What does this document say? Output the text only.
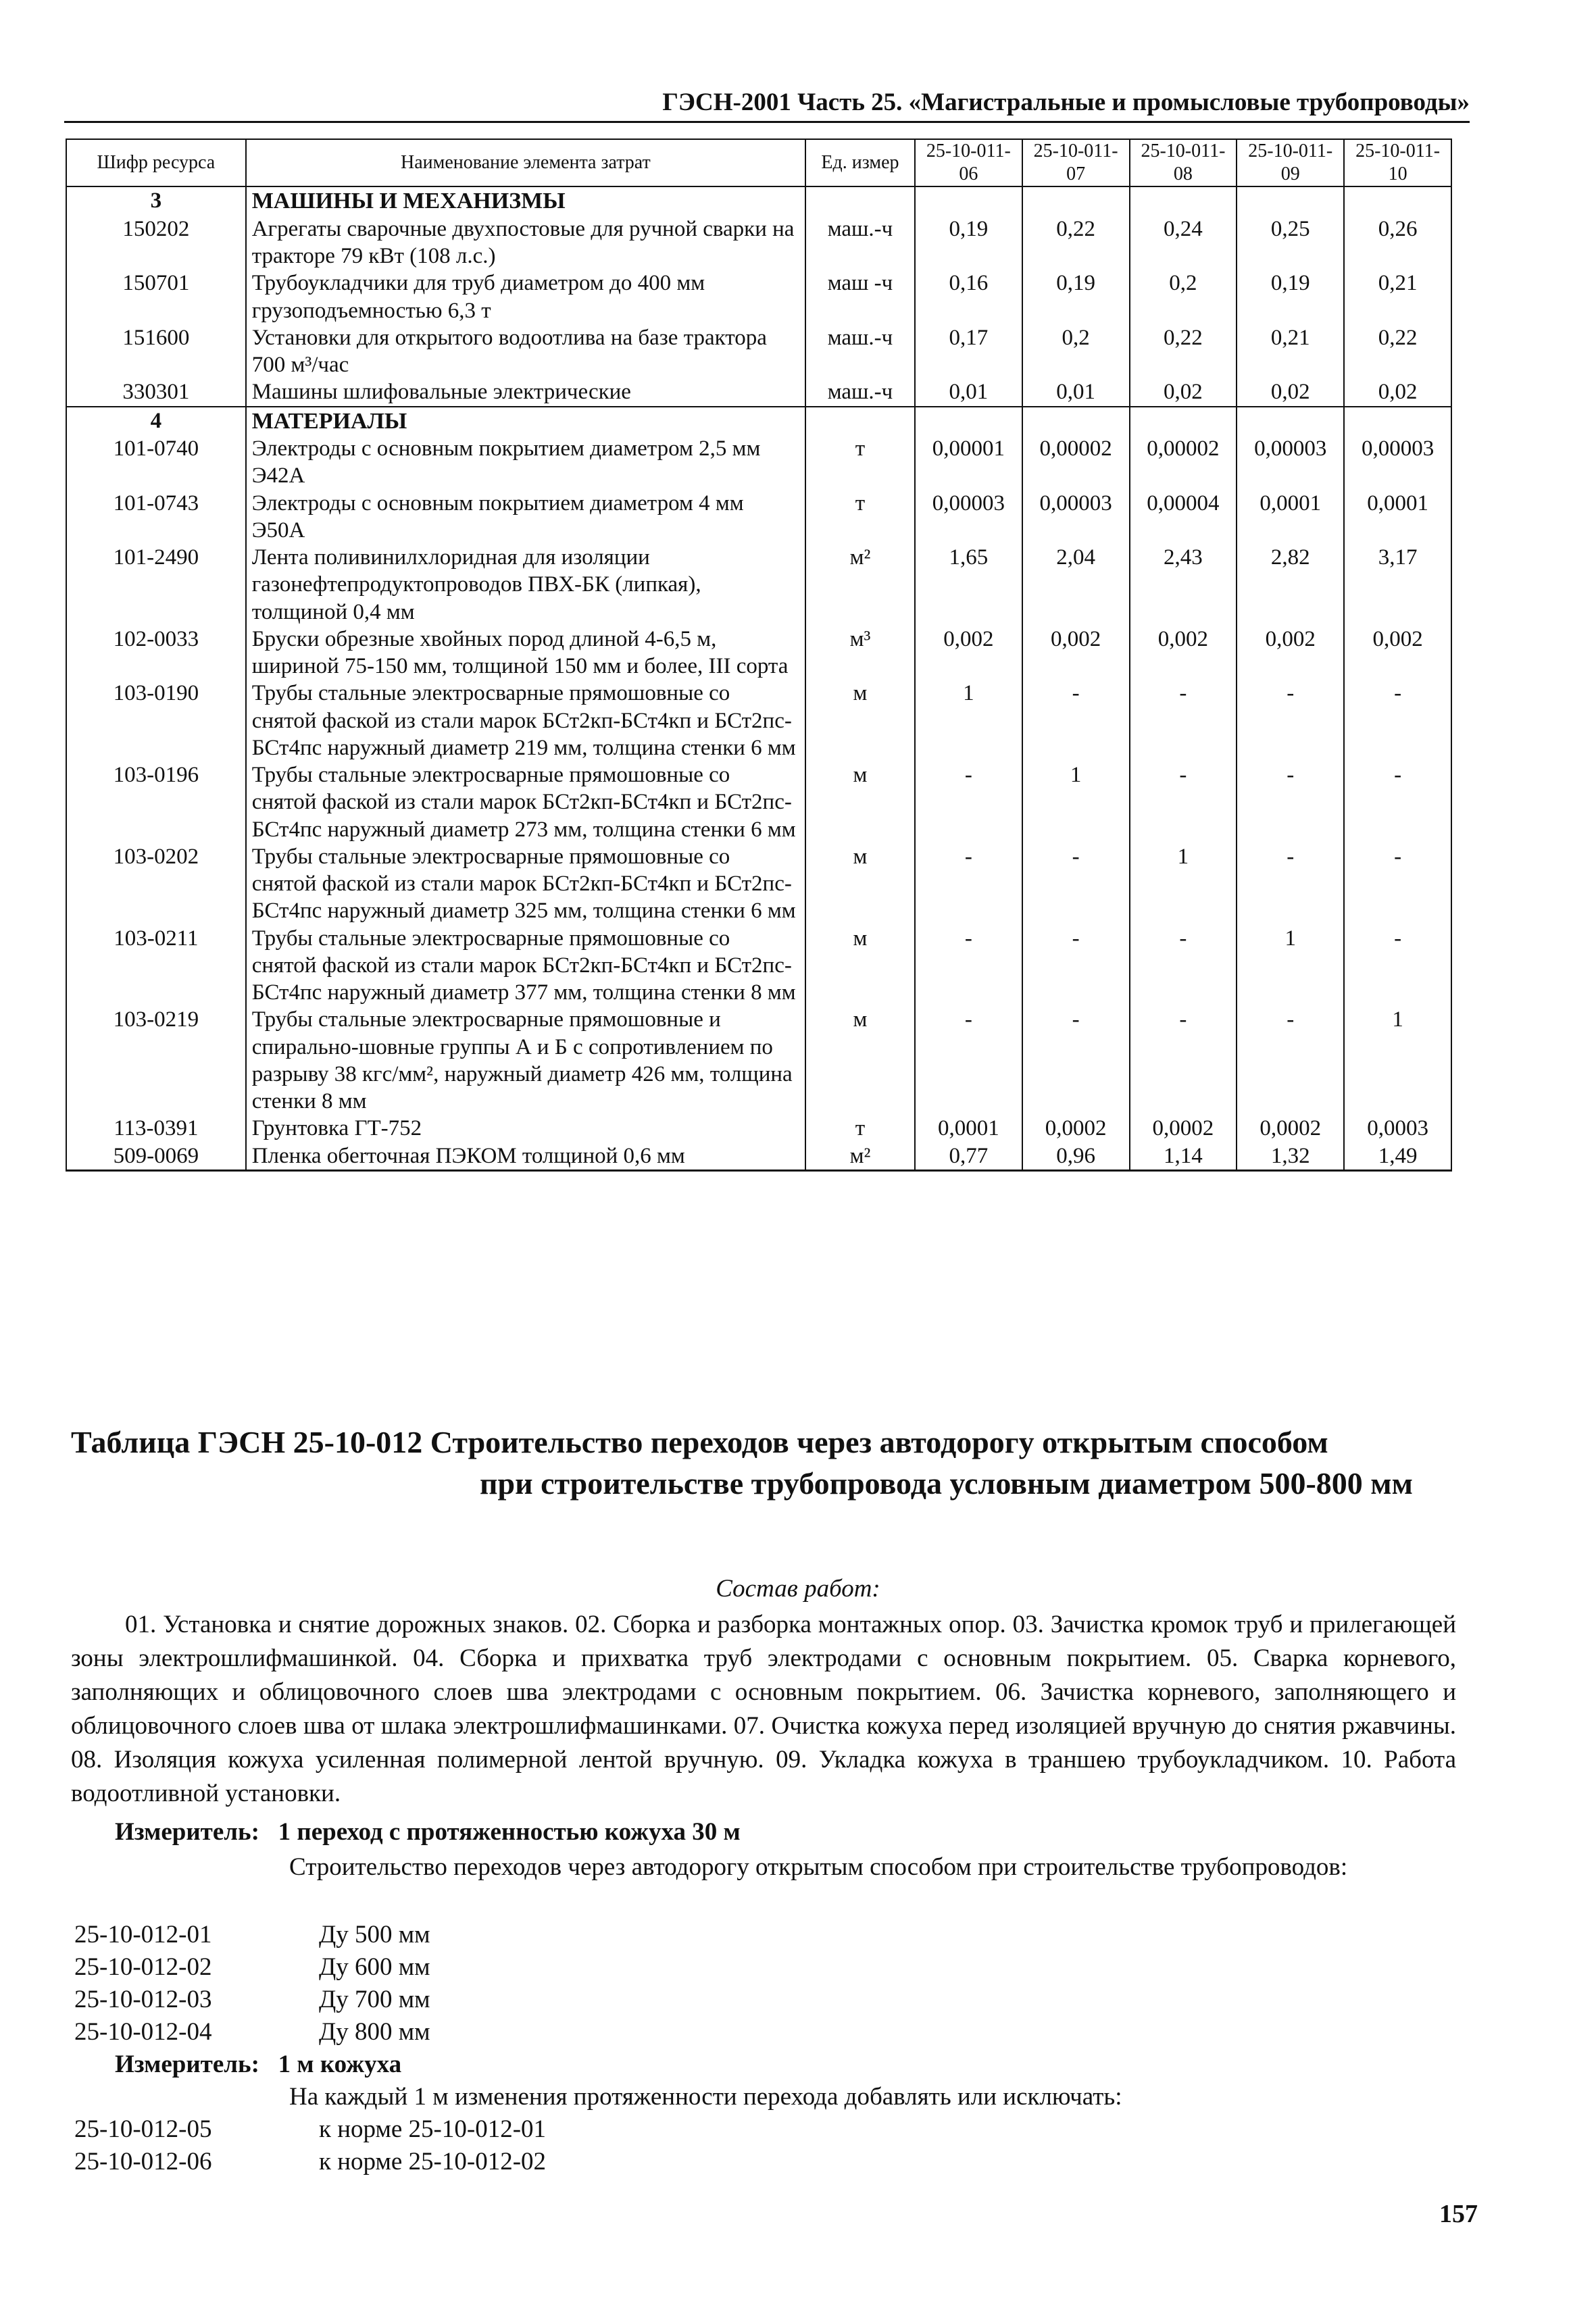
ГЭСН-2001 Часть 25. «Магистральные и промысловые трубопроводы»
Шифр ресурса	Наименование элемента затрат	Ед. измер	25-10-011-06	25-10-011-07	25-10-011-08	25-10-011-09	25-10-011-10
3	МАШИНЫ И МЕХАНИЗМЫ						
150202	Агрегаты сварочные двухпостовые для ручной сварки на тракторе 79 кВт (108 л.с.)	маш.-ч	0,19	0,22	0,24	0,25	0,26
150701	Трубоукладчики для труб диаметром до 400 мм грузоподъемностью 6,3 т	маш -ч	0,16	0,19	0,2	0,19	0,21
151600	Установки для открытого водоотлива на базе трактора 700 м³/час	маш.-ч	0,17	0,2	0,22	0,21	0,22
330301	Машины шлифовальные электрические	маш.-ч	0,01	0,01	0,02	0,02	0,02
4	МАТЕРИАЛЫ						
101-0740	Электроды с основным покрытием диаметром 2,5 мм Э42А	т	0,00001	0,00002	0,00002	0,00003	0,00003
101-0743	Электроды с основным покрытием диаметром 4 мм Э50А	т	0,00003	0,00003	0,00004	0,0001	0,0001
101-2490	Лента поливинилхлоридная для изоляции газонефтепродуктопроводов ПВХ-БК (липкая), толщиной 0,4 мм	м²	1,65	2,04	2,43	2,82	3,17
102-0033	Бруски обрезные хвойных пород длиной 4-6,5 м, шириной 75-150 мм, толщиной 150 мм и более, III сорта	м³	0,002	0,002	0,002	0,002	0,002
103-0190	Трубы стальные электросварные прямошовные со снятой фаской из стали марок БСт2кп-БСт4кп и БСт2пс-БСт4пс наружный диаметр 219 мм, толщина стенки 6 мм	м	1	-	-	-	-
103-0196	Трубы стальные электросварные прямошовные со снятой фаской из стали марок БСт2кп-БСт4кп и БСт2пс-БСт4пс наружный диаметр 273 мм, толщина стенки 6 мм	м	-	1	-	-	-
103-0202	Трубы стальные электросварные прямошовные со снятой фаской из стали марок БСт2кп-БСт4кп и БСт2пс-БСт4пс наружный диаметр 325 мм, толщина стенки 6 мм	м	-	-	1	-	-
103-0211	Трубы стальные электросварные прямошовные со снятой фаской из стали марок БСт2кп-БСт4кп и БСт2пс-БСт4пс наружный диаметр 377 мм, толщина стенки 8 мм	м	-	-	-	1	-
103-0219	Трубы стальные электросварные прямошовные и спирально-шовные группы А и Б с сопротивлением по разрыву 38 кгс/мм², наружный диаметр 426 мм, толщина стенки 8 мм	м	-	-	-	-	1
113-0391	Грунтовка ГТ-752	т	0,0001	0,0002	0,0002	0,0002	0,0003
509-0069	Пленка обerточная ПЭКОМ толщиной 0,6 мм	м²	0,77	0,96	1,14	1,32	1,49
Таблица ГЭСН 25-10-012 Строительство переходов через автодорогу открытым способом
при строительстве трубопровода условным диаметром 500-800 мм
Состав работ:
01. Установка и снятие дорожных знаков. 02. Сборка и разборка монтажных опор. 03. Зачистка кромок труб и прилегающей зоны электрошлифмашинкой. 04. Сборка и прихватка труб электродами с основным покрытием. 05. Сварка корневого, заполняющих и облицовочного слоев шва электродами с основным покрытием. 06. Зачистка корневого, заполняющего и облицовочного слоев шва от шлака электрошлифмашинками. 07. Очистка кожуха перед изоляцией вручную до снятия ржавчины. 08. Изоляция кожуха усиленная полимерной лентой вручную. 09. Укладка кожуха в траншею трубоукладчиком. 10. Работа водоотливной установки.
Измеритель: 1 переход с протяженностью кожуха 30 м
Строительство переходов через автодорогу открытым способом при строительстве трубопроводов:
25-10-012-01	Ду 500 мм
25-10-012-02	Ду 600 мм
25-10-012-03	Ду 700 мм
25-10-012-04	Ду 800 мм
Измеритель: 1 м кожуха
На каждый 1 м изменения протяженности перехода добавлять или исключать:
25-10-012-05	к норме 25-10-012-01
25-10-012-06	к норме 25-10-012-02
157
